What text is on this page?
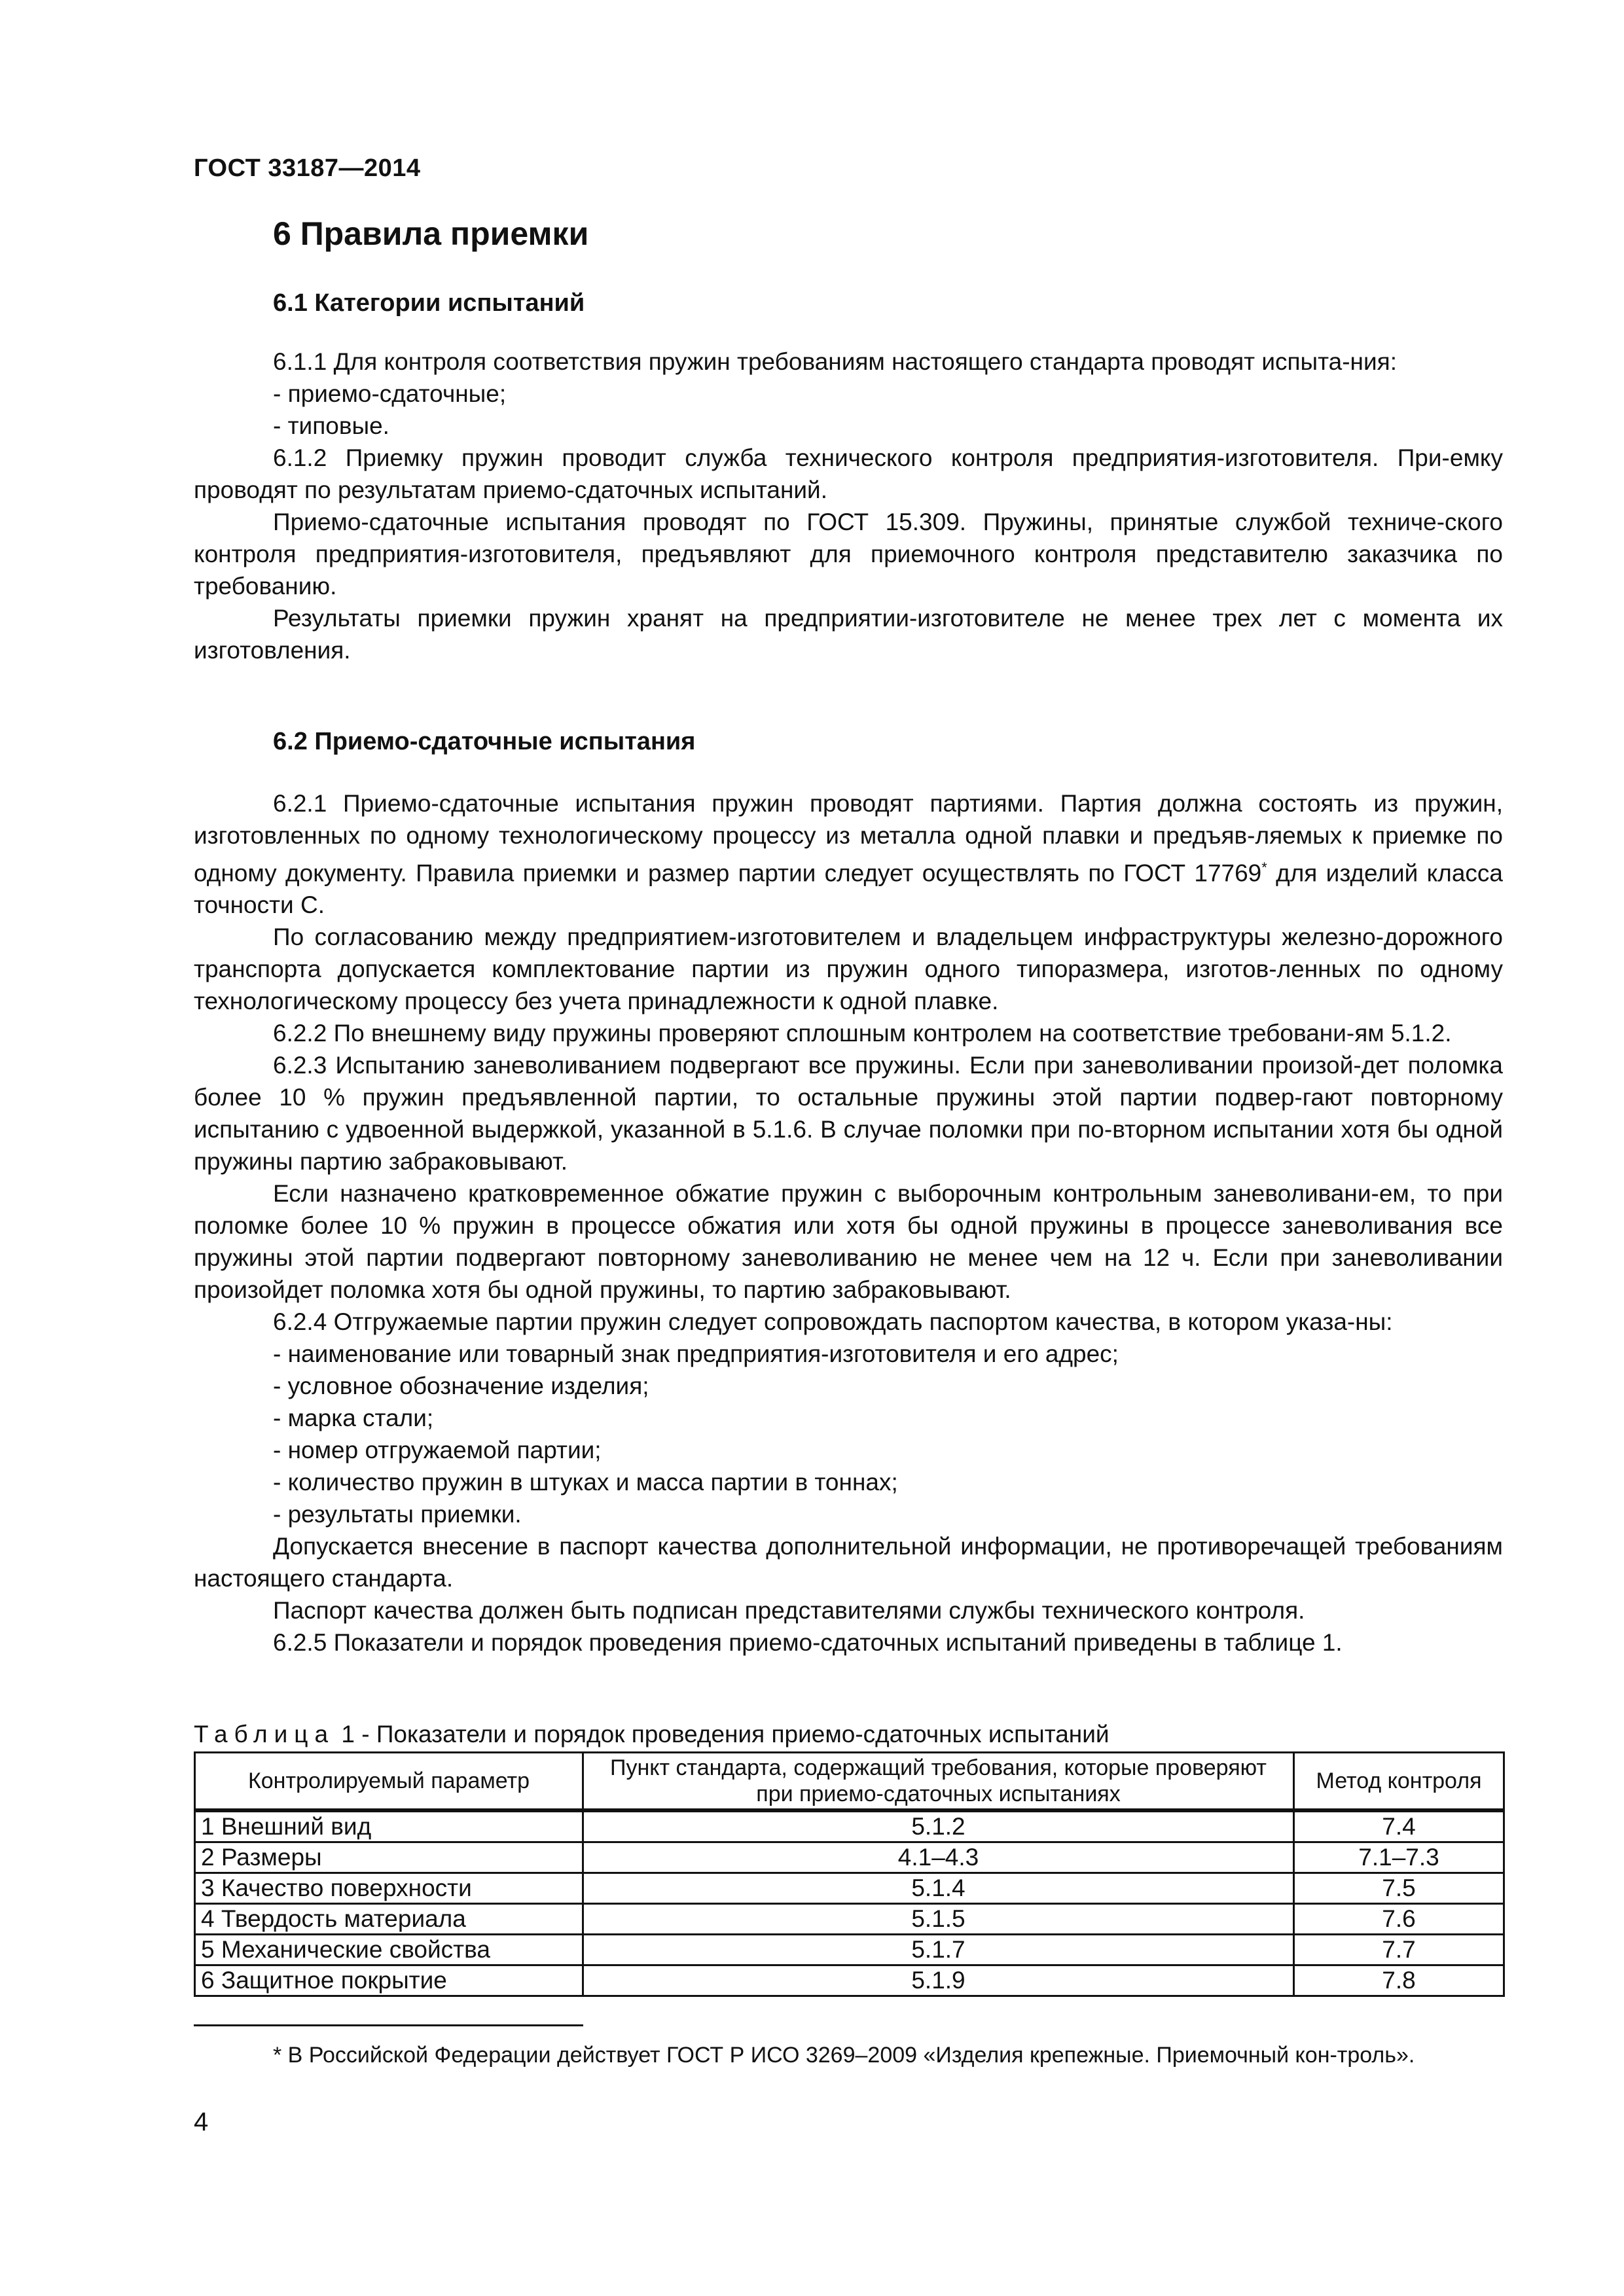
ГОСТ 33187—2014
6 Правила приемки
6.1 Категории испытаний

6.1.1 Для контроля соответствия пружин требованиям настоящего стандарта проводят испыта-ния:

- приемо-сдаточные;

- типовые.

6.1.2 Приемку пружин проводит служба технического контроля предприятия-изготовителя. При-емку проводят по результатам приемо-сдаточных испытаний.

Приемо-сдаточные испытания проводят по ГОСТ 15.309. Пружины, принятые службой техниче-ского контроля предприятия-изготовителя, предъявляют для приемочного контроля представителю заказчика по требованию.

Результаты приемки пружин хранят на предприятии-изготовителе не менее трех лет с момента их изготовления.

6.2 Приемо-сдаточные испытания

6.2.1 Приемо-сдаточные испытания пружин проводят партиями. Партия должна состоять из пружин, изготовленных по одному технологическому процессу из металла одной плавки и предъяв-ляемых к приемке по одному документу. Правила приемки и размер партии следует осуществлять по ГОСТ 17769* для изделий класса точности С.

По согласованию между предприятием-изготовителем и владельцем инфраструктуры железно-дорожного транспорта допускается комплектование партии из пружин одного типоразмера, изготов-ленных по одному технологическому процессу без учета принадлежности к одной плавке.

6.2.2 По внешнему виду пружины проверяют сплошным контролем на соответствие требовани-ям 5.1.2.

6.2.3 Испытанию заневоливанием подвергают все пружины. Если при заневоливании произой-дет поломка более 10 % пружин предъявленной партии, то остальные пружины этой партии подвер-гают повторному испытанию с удвоенной выдержкой, указанной в 5.1.6. В случае поломки при по-вторном испытании хотя бы одной пружины партию забраковывают.

Если назначено кратковременное обжатие пружин с выборочным контрольным заневоливани-ем, то при поломке более 10 % пружин в процессе обжатия или хотя бы одной пружины в процессе заневоливания все пружины этой партии подвергают повторному заневоливанию не менее чем на 12 ч. Если при заневоливании произойдет поломка хотя бы одной пружины, то партию забраковывают.

6.2.4 Отгружаемые партии пружин следует сопровождать паспортом качества, в котором указа-ны:

- наименование или товарный знак предприятия-изготовителя и его адрес;

- условное обозначение изделия;

- марка стали;

- номер отгружаемой партии;

- количество пружин в штуках и масса партии в тоннах;

- результаты приемки.

Допускается внесение в паспорт качества дополнительной информации, не противоречащей требованиям настоящего стандарта.

Паспорт качества должен быть подписан представителями службы технического контроля.

6.2.5 Показатели и порядок проведения приемо-сдаточных испытаний приведены в таблице 1.

Таблица 1 - Показатели и порядок проведения приемо-сдаточных испытаний
Контролируемый параметр	Пункт стандарта, содержащий требования, которые проверяют при приемо-сдаточных испытаниях	Метод контроля
1 Внешний вид	5.1.2	7.4
2 Размеры	4.1–4.3	7.1–7.3
3 Качество поверхности	5.1.4	7.5
4 Твердость материала	5.1.5	7.6
5 Механические свойства	5.1.7	7.7
6 Защитное покрытие	5.1.9	7.8

* В Российской Федерации действует ГОСТ Р ИСО 3269–2009 «Изделия крепежные. Приемочный кон-троль».

4
